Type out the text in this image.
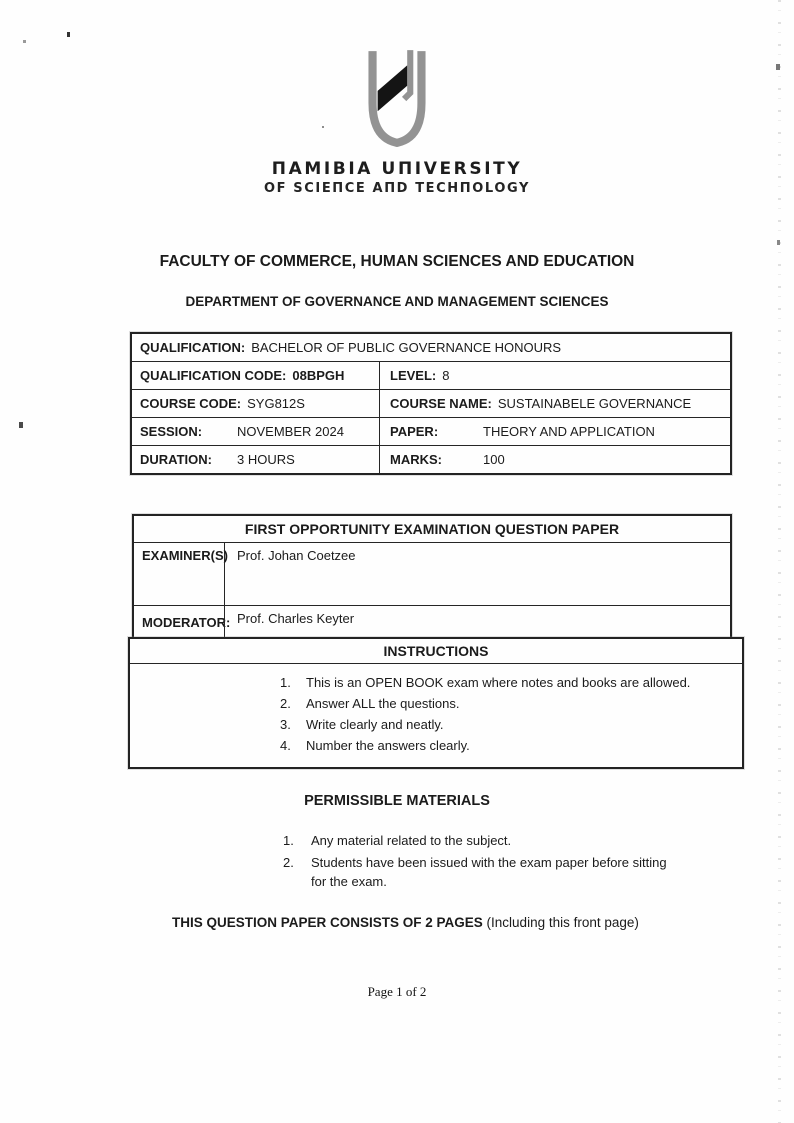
ΠAMIBIA UΠIVERSITY
OF SCIEΠCE AΠD TECHΠOLOGY
FACULTY OF COMMERCE, HUMAN SCIENCES AND EDUCATION
DEPARTMENT OF GOVERNANCE AND MANAGEMENT SCIENCES
QUALIFICATION: BACHELOR OF PUBLIC GOVERNANCE HONOURS
QUALIFICATION CODE: 08BPGH	LEVEL: 8
COURSE CODE: SYG812S	COURSE NAME: SUSTAINABELE GOVERNANCE
SESSION:	NOVEMBER 2024	PAPER:	THEORY AND APPLICATION
DURATION:	3 HOURS	MARKS:	100
FIRST OPPORTUNITY EXAMINATION QUESTION PAPER
EXAMINER(S) Prof. Johan Coetzee
MODERATOR: Prof. Charles Keyter
INSTRUCTIONS
1.	This is an OPEN BOOK exam where notes and books are allowed.
2.	Answer ALL the questions.
3.	Write clearly and neatly.
4.	Number the answers clearly.
PERMISSIBLE MATERIALS
1.	Any material related to the subject.
2.	Students have been issued with the exam paper before sitting for the exam.
THIS QUESTION PAPER CONSISTS OF 2 PAGES (Including this front page)
Page 1 of 2
